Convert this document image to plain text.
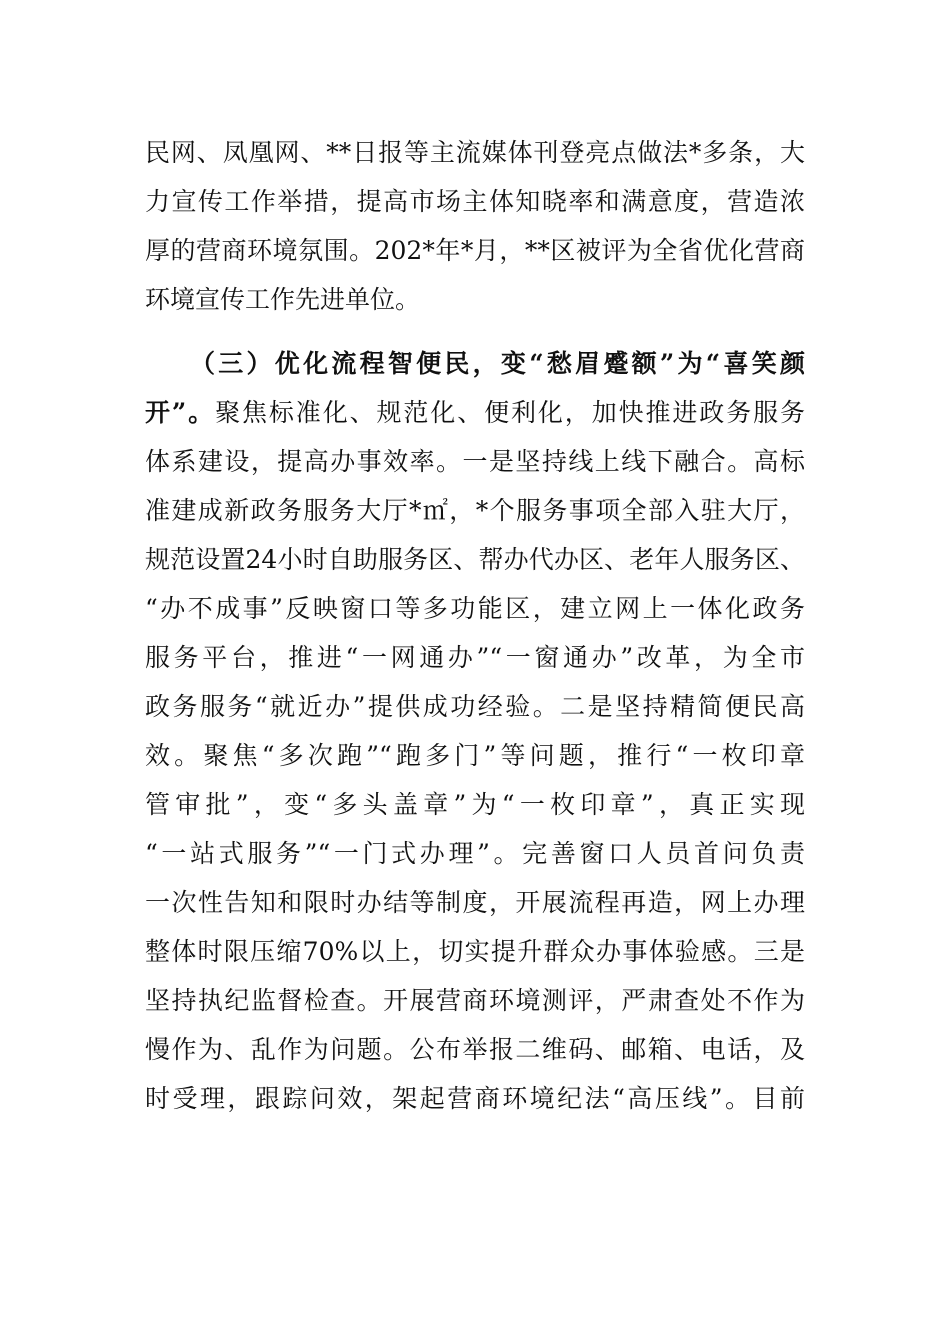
民网、凤凰网、**日报等主流媒体刊登亮点做法*多条，大
力宣传工作举措，提高市场主体知晓率和满意度，营造浓
厚的营商环境氛围。202*年*月，**区被评为全省优化营商
环境宣传工作先进单位。
（三）优化流程智便民，变“愁眉蹙额”为“喜笑颜
开”。聚焦标准化、规范化、便利化，加快推进政务服务
体系建设，提高办事效率。一是坚持线上线下融合。高标
准建成新政务服务大厅*㎡，*个服务事项全部入驻大厅，
规范设置24小时自助服务区、帮办代办区、老年人服务区、
“办不成事”反映窗口等多功能区，建立网上一体化政务
服务平台，推进“一网通办”“一窗通办”改革，为全市
政务服务“就近办”提供成功经验。二是坚持精简便民高
效。聚焦“多次跑”“跑多门”等问题，推行“一枚印章
管审批”，变“多头盖章”为“一枚印章”，真正实现
“一站式服务”“一门式办理”。完善窗口人员首问负责
一次性告知和限时办结等制度，开展流程再造，网上办理
整体时限压缩70%以上，切实提升群众办事体验感。三是
坚持执纪监督检查。开展营商环境测评，严肃查处不作为
慢作为、乱作为问题。公布举报二维码、邮箱、电话，及
时受理，跟踪问效，架起营商环境纪法“高压线”。目前
